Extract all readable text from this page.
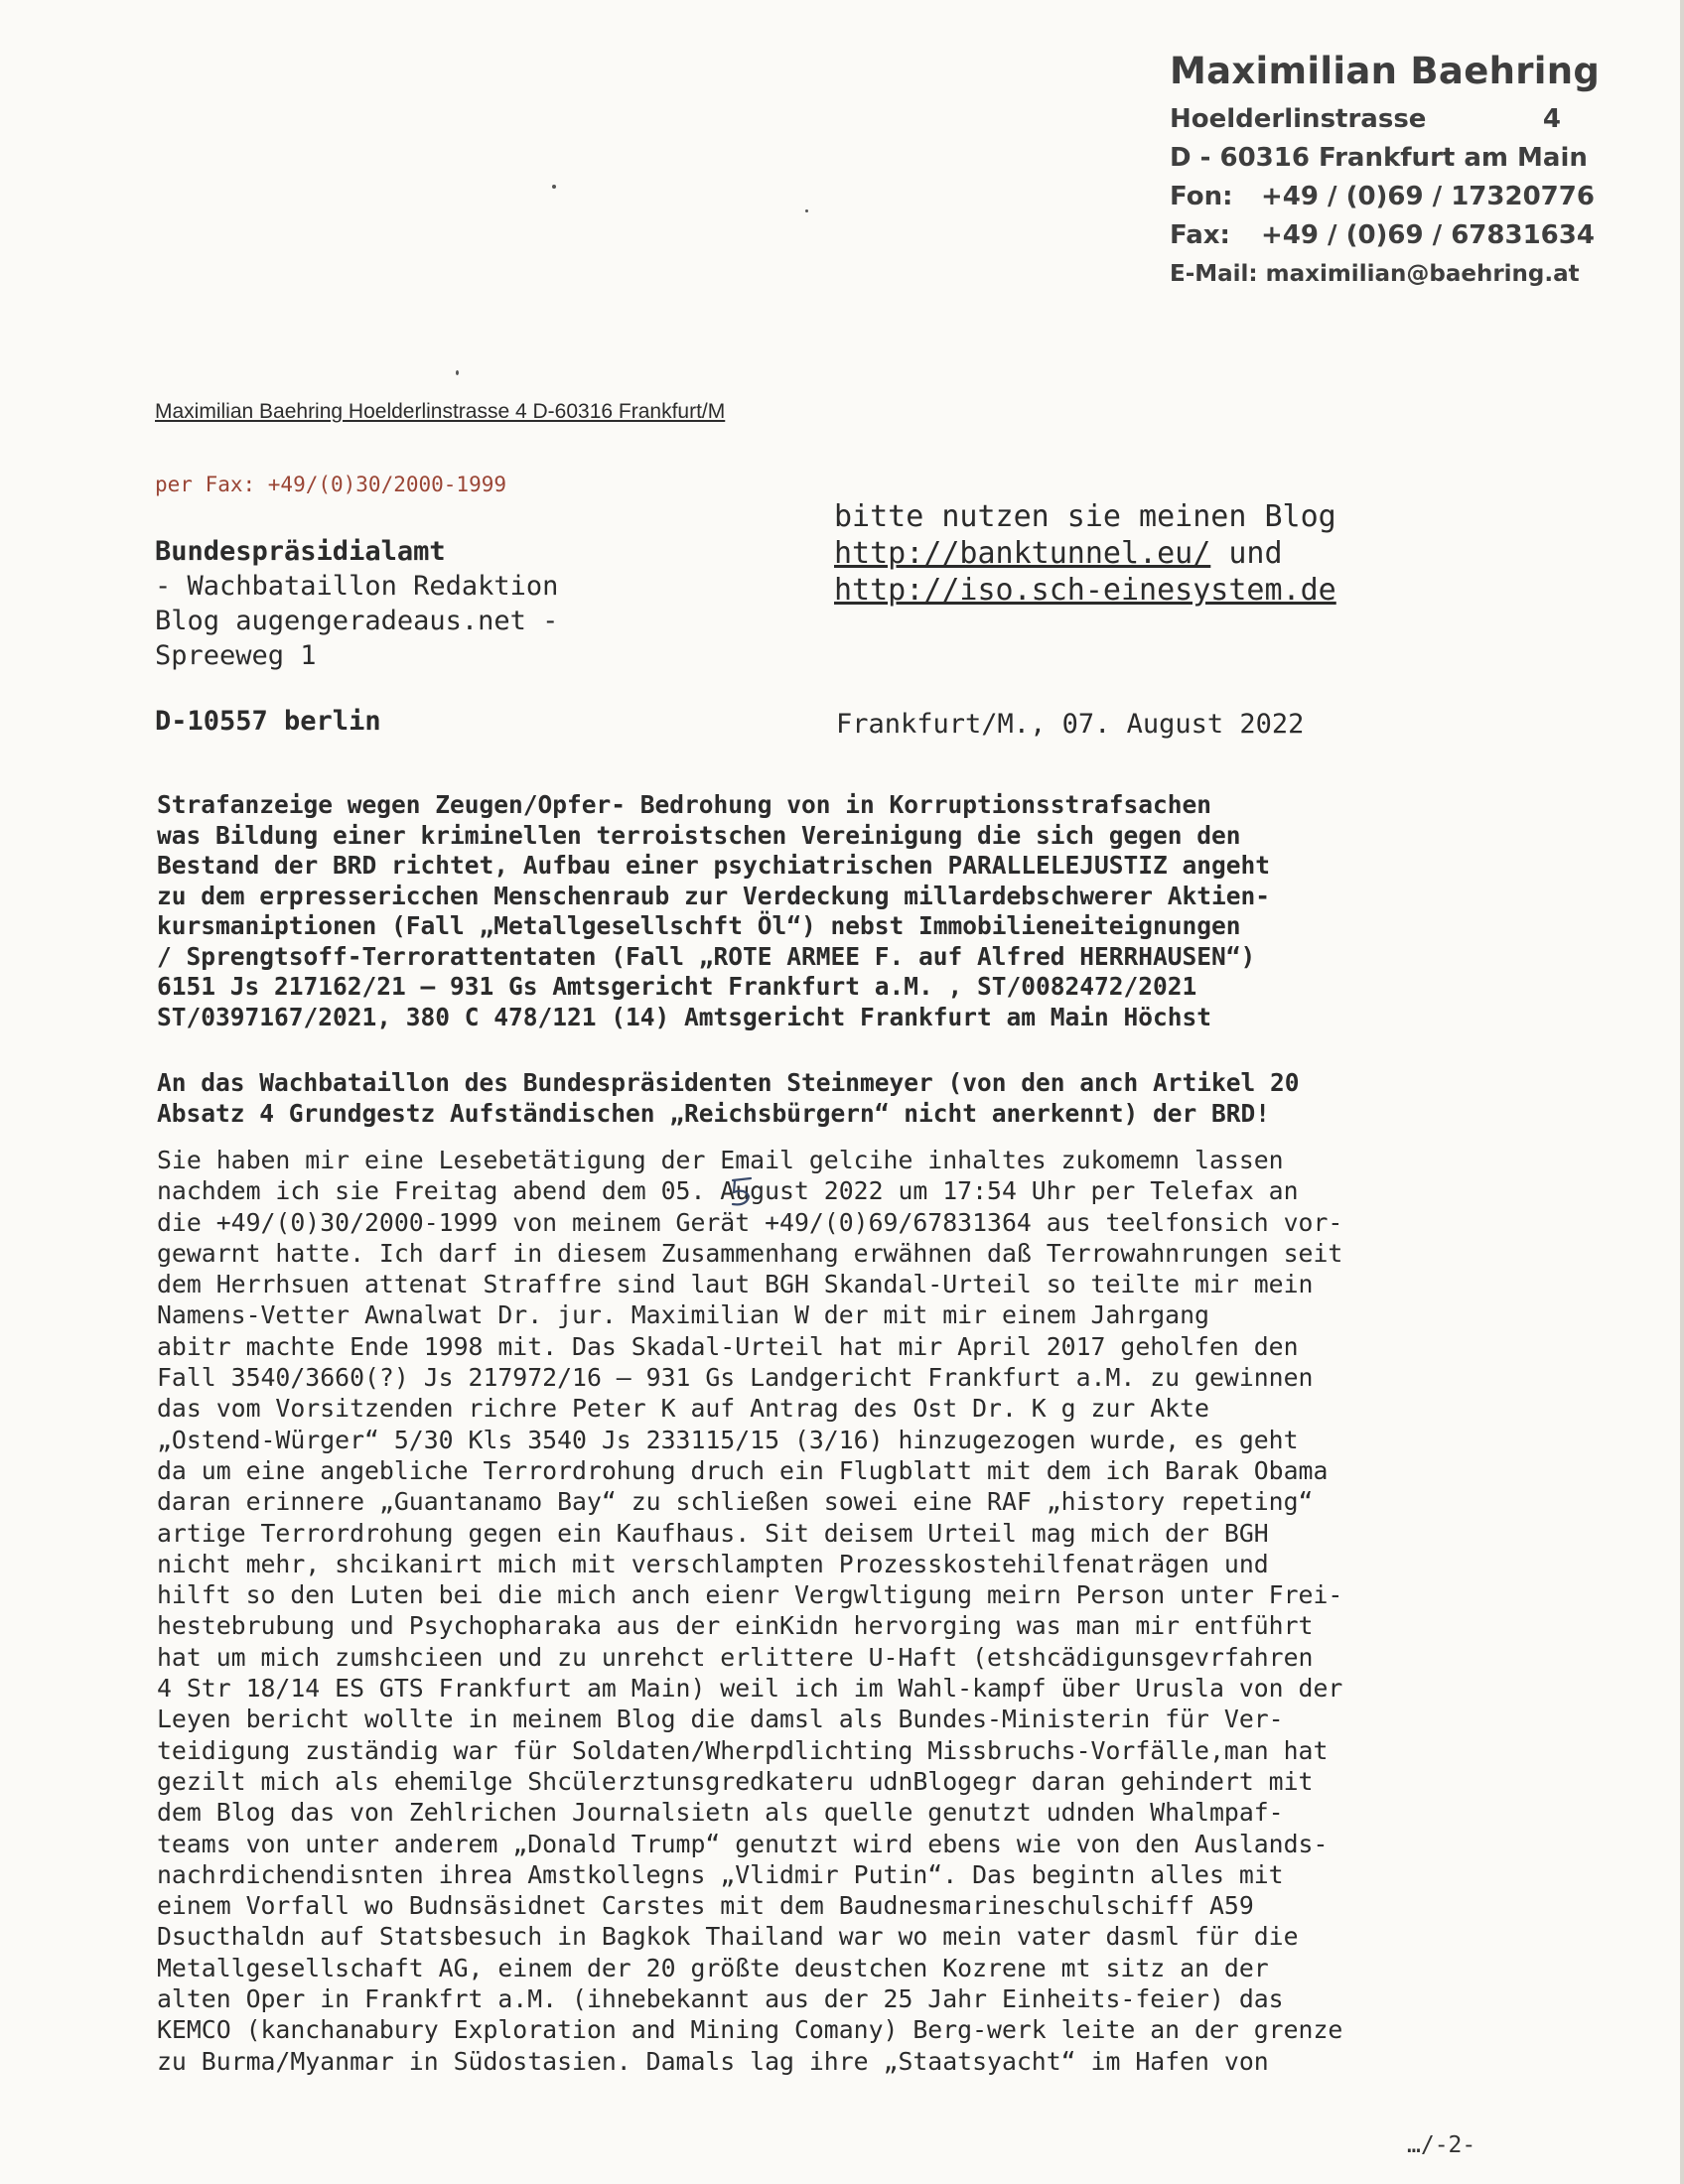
Maximilian Baehring
Hoelderlinstrasse	4
D - 60316 Frankfurt am Main
Fon: +49 / (0)69 / 17320776
Fax: +49 / (0)69 / 67831634
E-Mail: maximilian@baehring.at
Maximilian Baehring Hoelderlinstrasse 4 D-60316 Frankfurt/M
per Fax: +49/(0)30/2000-1999
Bundespräsidialamt
- Wachbataillon Redaktion
Blog augengeradeaus.net -
Spreeweg 1
D-10557 berlin
bitte nutzen sie meinen Blog
http://banktunnel.eu/ und
http://iso.sch-einesystem.de
Frankfurt/M., 07. August 2022
Strafanzeige wegen Zeugen/Opfer- Bedrohung von in Korruptionsstrafsachen
was Bildung einer kriminellen terroistschen Vereinigung die sich gegen den
Bestand der BRD richtet, Aufbau einer psychiatrischen PARALLELEJUSTIZ angeht
zu dem erpressericchen Menschenraub zur Verdeckung millardebschwerer Aktien-
kursmaniptionen (Fall „Metallgesellschft Öl“) nebst Immobilieneiteignungen
/ Sprengtsoff-Terrorattentaten (Fall „ROTE ARMEE F. auf Alfred HERRHAUSEN“)
6151 Js 217162/21 – 931 Gs Amtsgericht Frankfurt a.M. , ST/0082472/2021
ST/0397167/2021, 380 C 478/121 (14) Amtsgericht Frankfurt am Main Höchst
An das Wachbataillon des Bundespräsidenten Steinmeyer (von den anch Artikel 20
Absatz 4 Grundgestz Aufständischen „Reichsbürgern“ nicht anerkennt) der BRD!
Sie haben mir eine Lesebetätigung der Email gelcihe inhaltes zukomemn lassen
nachdem ich sie Freitag abend dem 05. August 2022 um 17:54 Uhr per Telefax an
die +49/(0)30/2000-1999 von meinem Gerät +49/(0)69/67831364 aus teelfonsich vor-
gewarnt hatte. Ich darf in diesem Zusammenhang erwähnen daß Terrowahnrungen seit
dem Herrhsuen attenat Straffre sind laut BGH Skandal-Urteil so teilte mir mein
Namens-Vetter Awnalwat Dr. jur. Maximilian W der mit mir einem Jahrgang
abitr machte Ende 1998 mit. Das Skadal-Urteil hat mir April 2017 geholfen den
Fall 3540/3660(?) Js 217972/16 – 931 Gs Landgericht Frankfurt a.M. zu gewinnen
das vom Vorsitzenden richre Peter K auf Antrag des Ost Dr. K g zur Akte
„Ostend-Würger“ 5/30 Kls 3540 Js 233115/15 (3/16) hinzugezogen wurde, es geht
da um eine angebliche Terrordrohung druch ein Flugblatt mit dem ich Barak Obama
daran erinnere „Guantanamo Bay“ zu schließen sowei eine RAF „history repeting“
artige Terrordrohung gegen ein Kaufhaus. Sit deisem Urteil mag mich der BGH
nicht mehr, shcikanirt mich mit verschlampten Prozesskostehilfenaträgen und
hilft so den Luten bei die mich anch eienr Vergwltigung meirn Person unter Frei-
hestebrubung und Psychopharaka aus der einKidn hervorging was man mir entführt
hat um mich zumshcieen und zu unrehct erlittere U-Haft (etshcädigunsgevrfahren
4 Str 18/14 ES GTS Frankfurt am Main) weil ich im Wahl-kampf über Urusla von der
Leyen bericht wollte in meinem Blog die damsl als Bundes-Ministerin für Ver-
teidigung zuständig war für Soldaten/Wherpdlichting Missbruchs-Vorfälle,man hat
gezilt mich als ehemilge Shcülerztunsgredkateru udnBlogegr daran gehindert mit
dem Blog das von Zehlrichen Journalsietn als quelle genutzt udnden Whalmpaf-
teams von unter anderem „Donald Trump“ genutzt wird ebens wie von den Auslands-
nachrdichendisnten ihrea Amstkollegns „Vlidmir Putin“. Das begintn alles mit
einem Vorfall wo Budnsäsidnet Carstes mit dem Baudnesmarineschulschiff A59
Dsucthaldn auf Statsbesuch in Bagkok Thailand war wo mein vater dasml für die
Metallgesellschaft AG, einem der 20 größte deustchen Kozrene mt sitz an der
alten Oper in Frankfrt a.M. (ihnebekannt aus der 25 Jahr Einheits-feier) das
KEMCO (kanchanabury Exploration and Mining Comany) Berg-werk leite an der grenze
zu Burma/Myanmar in Südostasien. Damals lag ihre „Staatsyacht“ im Hafen von
…/-2-
